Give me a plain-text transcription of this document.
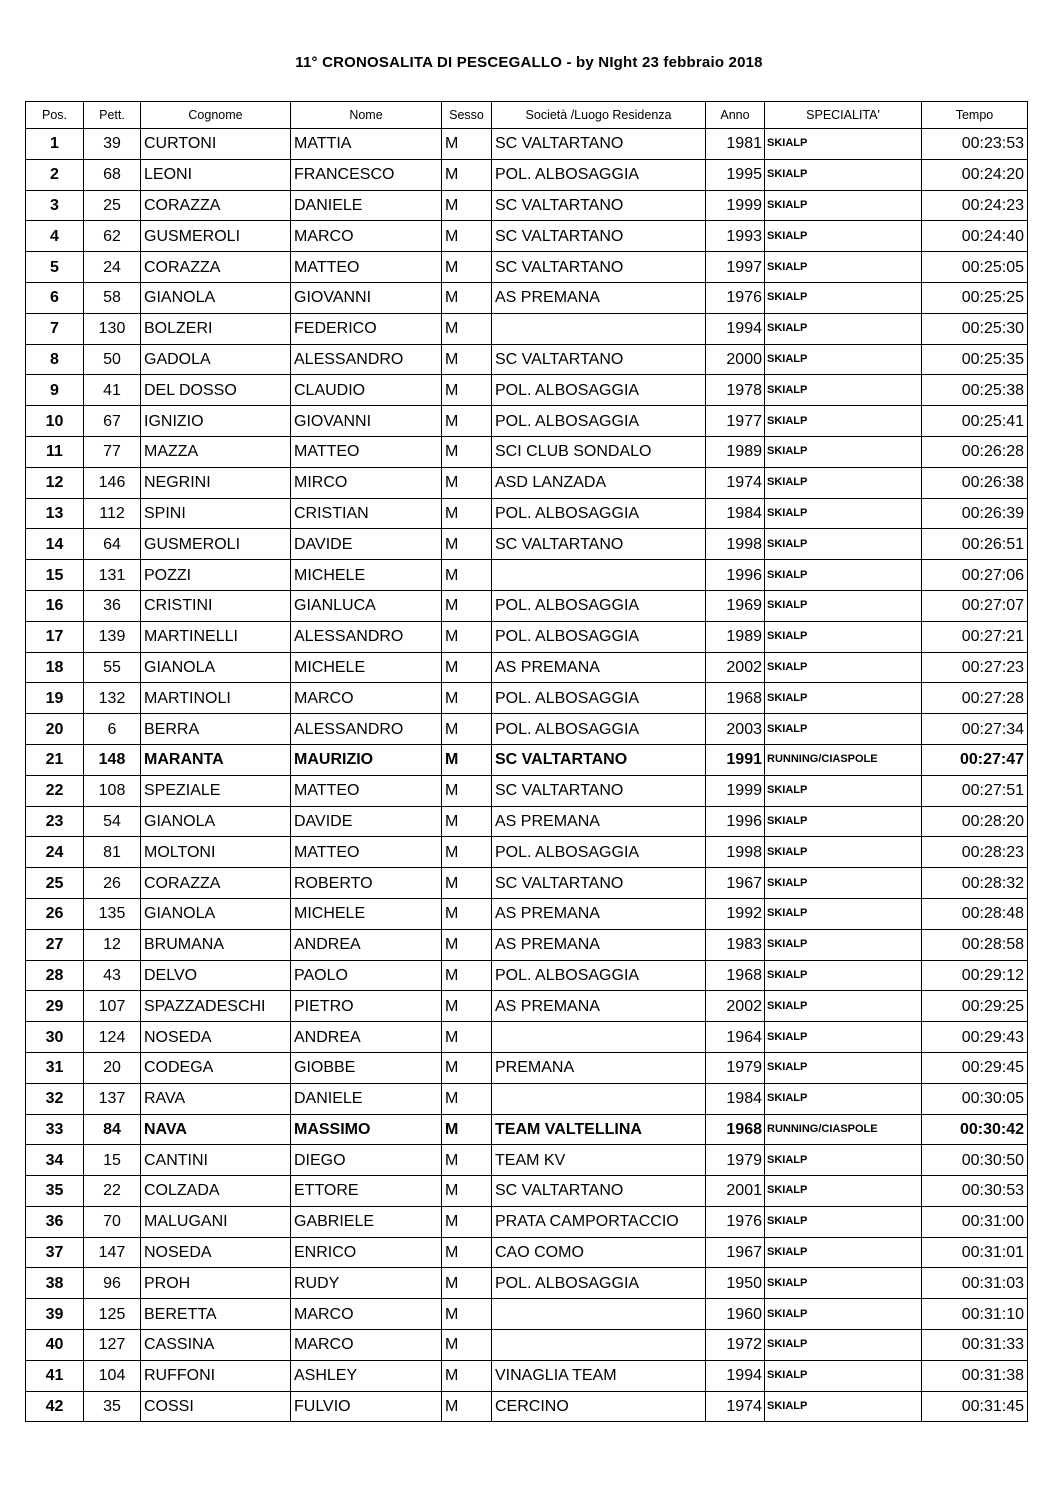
11° CRONOSALITA DI PESCEGALLO - by NIght 23 febbraio 2018
Pos.	Pett.	Cognome	Nome	Sesso	Società /Luogo Residenza	Anno	SPECIALITA'	Tempo
1	39	CURTONI	MATTIA	M	SC VALTARTANO	1981	SKIALP	00:23:53
2	68	LEONI	FRANCESCO	M	POL. ALBOSAGGIA	1995	SKIALP	00:24:20
3	25	CORAZZA	DANIELE	M	SC VALTARTANO	1999	SKIALP	00:24:23
4	62	GUSMEROLI	MARCO	M	SC VALTARTANO	1993	SKIALP	00:24:40
5	24	CORAZZA	MATTEO	M	SC VALTARTANO	1997	SKIALP	00:25:05
6	58	GIANOLA	GIOVANNI	M	AS PREMANA	1976	SKIALP	00:25:25
7	130	BOLZERI	FEDERICO	M		1994	SKIALP	00:25:30
8	50	GADOLA	ALESSANDRO	M	SC VALTARTANO	2000	SKIALP	00:25:35
9	41	DEL DOSSO	CLAUDIO	M	POL. ALBOSAGGIA	1978	SKIALP	00:25:38
10	67	IGNIZIO	GIOVANNI	M	POL. ALBOSAGGIA	1977	SKIALP	00:25:41
11	77	MAZZA	MATTEO	M	SCI CLUB SONDALO	1989	SKIALP	00:26:28
12	146	NEGRINI	MIRCO	M	ASD LANZADA	1974	SKIALP	00:26:38
13	112	SPINI	CRISTIAN	M	POL. ALBOSAGGIA	1984	SKIALP	00:26:39
14	64	GUSMEROLI	DAVIDE	M	SC VALTARTANO	1998	SKIALP	00:26:51
15	131	POZZI	MICHELE	M		1996	SKIALP	00:27:06
16	36	CRISTINI	GIANLUCA	M	POL. ALBOSAGGIA	1969	SKIALP	00:27:07
17	139	MARTINELLI	ALESSANDRO	M	POL. ALBOSAGGIA	1989	SKIALP	00:27:21
18	55	GIANOLA	MICHELE	M	AS PREMANA	2002	SKIALP	00:27:23
19	132	MARTINOLI	MARCO	M	POL. ALBOSAGGIA	1968	SKIALP	00:27:28
20	6	BERRA	ALESSANDRO	M	POL. ALBOSAGGIA	2003	SKIALP	00:27:34
21	148	MARANTA	MAURIZIO	M	SC VALTARTANO	1991	RUNNING/CIASPOLE	00:27:47
22	108	SPEZIALE	MATTEO	M	SC VALTARTANO	1999	SKIALP	00:27:51
23	54	GIANOLA	DAVIDE	M	AS PREMANA	1996	SKIALP	00:28:20
24	81	MOLTONI	MATTEO	M	POL. ALBOSAGGIA	1998	SKIALP	00:28:23
25	26	CORAZZA	ROBERTO	M	SC VALTARTANO	1967	SKIALP	00:28:32
26	135	GIANOLA	MICHELE	M	AS PREMANA	1992	SKIALP	00:28:48
27	12	BRUMANA	ANDREA	M	AS PREMANA	1983	SKIALP	00:28:58
28	43	DELVO	PAOLO	M	POL. ALBOSAGGIA	1968	SKIALP	00:29:12
29	107	SPAZZADESCHI	PIETRO	M	AS PREMANA	2002	SKIALP	00:29:25
30	124	NOSEDA	ANDREA	M		1964	SKIALP	00:29:43
31	20	CODEGA	GIOBBE	M	PREMANA	1979	SKIALP	00:29:45
32	137	RAVA	DANIELE	M		1984	SKIALP	00:30:05
33	84	NAVA	MASSIMO	M	TEAM VALTELLINA	1968	RUNNING/CIASPOLE	00:30:42
34	15	CANTINI	DIEGO	M	TEAM KV	1979	SKIALP	00:30:50
35	22	COLZADA	ETTORE	M	SC VALTARTANO	2001	SKIALP	00:30:53
36	70	MALUGANI	GABRIELE	M	PRATA CAMPORTACCIO	1976	SKIALP	00:31:00
37	147	NOSEDA	ENRICO	M	CAO COMO	1967	SKIALP	00:31:01
38	96	PROH	RUDY	M	POL. ALBOSAGGIA	1950	SKIALP	00:31:03
39	125	BERETTA	MARCO	M		1960	SKIALP	00:31:10
40	127	CASSINA	MARCO	M		1972	SKIALP	00:31:33
41	104	RUFFONI	ASHLEY	M	VINAGLIA TEAM	1994	SKIALP	00:31:38
42	35	COSSI	FULVIO	M	CERCINO	1974	SKIALP	00:31:45
